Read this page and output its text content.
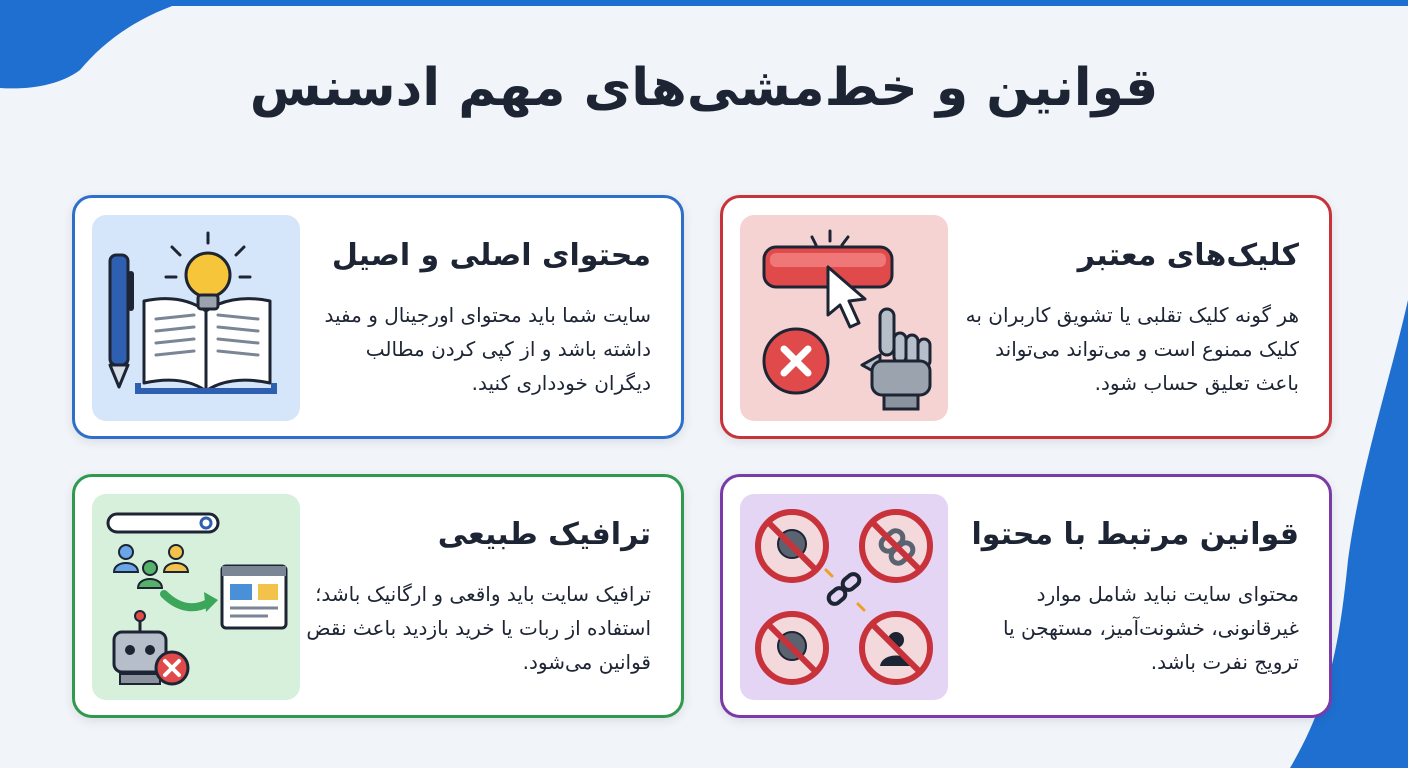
قوانین و خط‌مشی‌های مهم ادسنس
کلیک‌های معتبر

هر گونه کلیک تقلبی یا تشویق کاربران به کلیک ممنوع است و می‌تواند می‌تواند باعث تعلیق حساب شود.

محتوای اصلی و اصیل

سایت شما باید محتوای اورجینال و مفید داشته باشد و از کپی کردن مطالب دیگران خودداری کنید.

قوانین مرتبط با محتوا

محتوای سایت نباید شامل موارد غیرقانونی، خشونت‌آمیز، مستهجن یا ترویج نفرت باشد.

ترافیک طبیعی

ترافیک سایت باید واقعی و ارگانیک باشد؛ استفاده از ربات یا خرید بازدید باعث نقض قوانین می‌شود.
